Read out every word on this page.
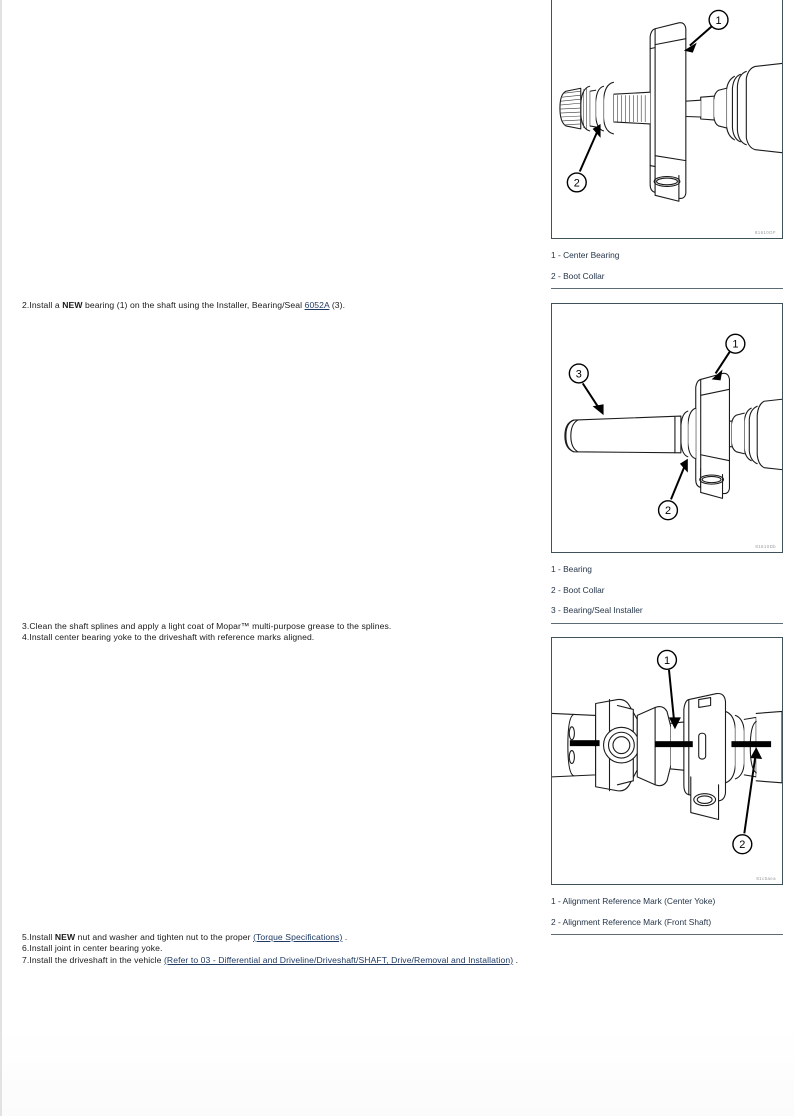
2.Install a NEW bearing (1) on the shaft using the Installer, Bearing/Seal 6052A (3).

3.Clean the shaft splines and apply a light coat of Mopar™ multi-purpose grease to the splines.

4.Install center bearing yoke to the driveshaft with reference marks aligned.

5.Install NEW nut and washer and tighten nut to the proper (Torque Specifications) .

6.Install joint in center bearing yoke.

7.Install the driveshaft in the vehicle (Refer to 03 - Differential and Driveline/Driveshaft/SHAFT, Drive/Removal and Installation) .

1
2
81610GF
1 - Center Bearing
2 - Boot Collar
1
2
3
81610Db
1 - Bearing
2 - Boot Collar
3 - Bearing/Seal Installer
1
2
81c5aea
1 - Alignment Reference Mark (Center Yoke)
2 - Alignment Reference Mark (Front Shaft)
